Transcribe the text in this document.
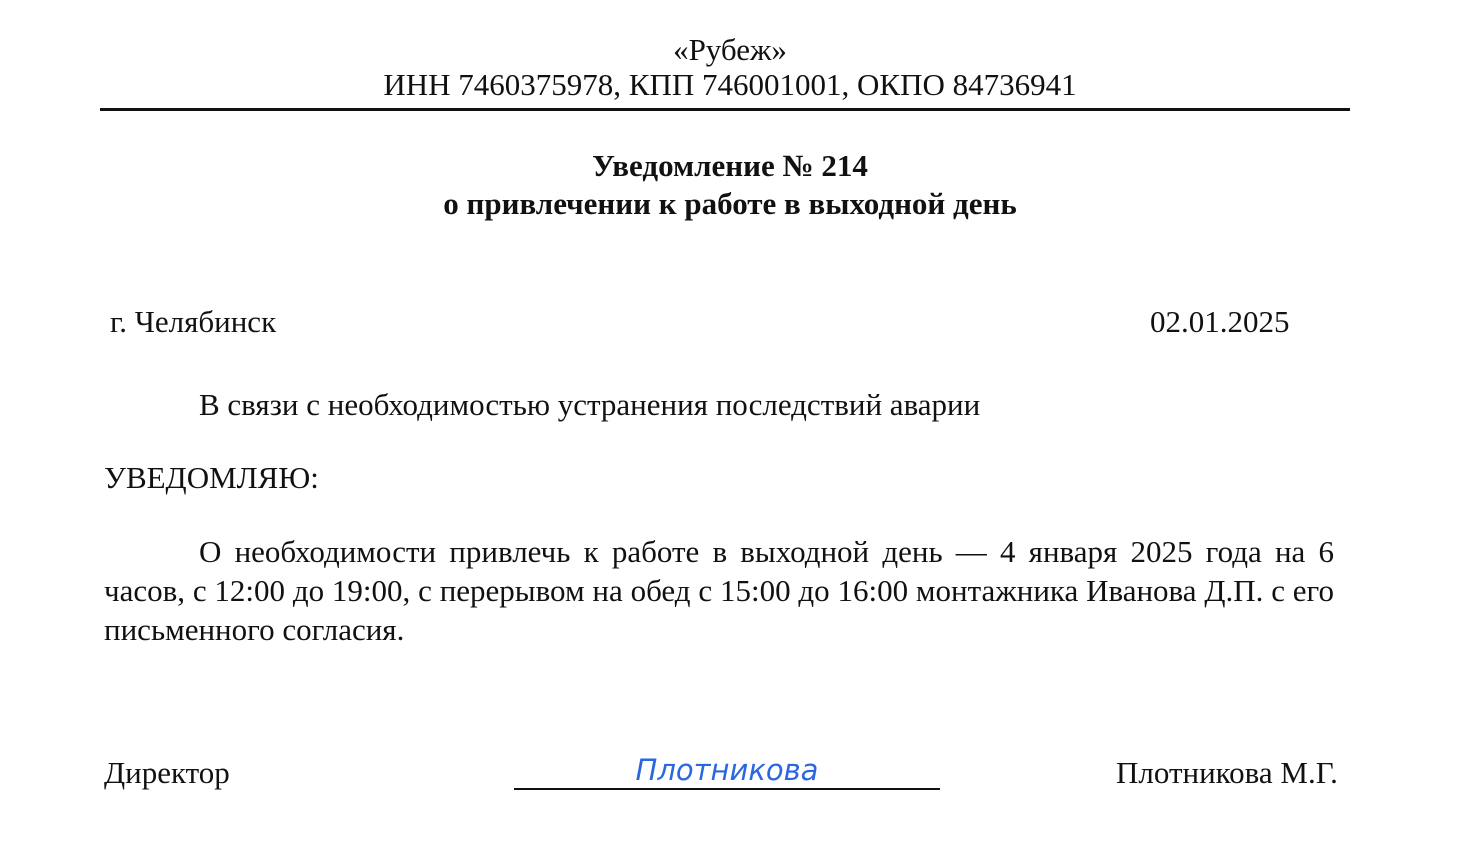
«Рубеж»
ИНН 7460375978, КПП 746001001, ОКПО 84736941
Уведомление № 214
о привлечении к работе в выходной день
г. Челябинск	02.01.2025
В связи с необходимостью устранения последствий аварии
УВЕДОМЛЯЮ:
О необходимости привлечь к работе в выходной день — 4 января 2025 года на 6 часов, с 12:00 до 19:00, с перерывом на обед с 15:00 до 16:00 монтажника Иванова Д.П. с его письменного согласия.
Директор	Плотникова	Плотникова М.Г.
